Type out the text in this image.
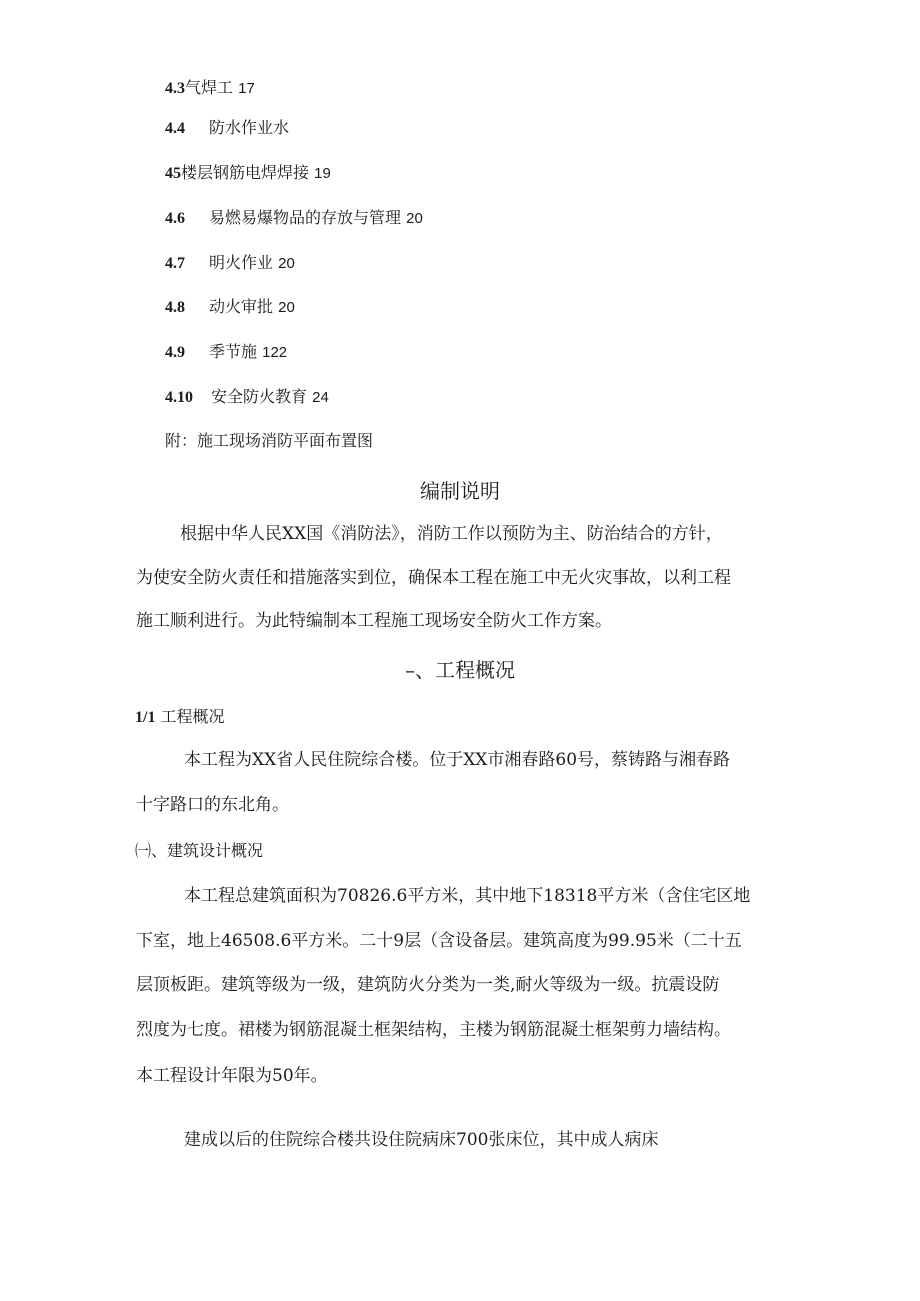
4.3气焊工 17
4.4 防水作业水
45楼层钢筋电焊焊接 19
4.6 易燃易爆物品的存放与管理 20
4.7 明火作业 20
4.8 动火审批 20
4.9 季节施 122
4.10 安全防火教育 24
附：施工现场消防平面布置图
编制说明
根据中华人民XX国《消防法》，消防工作以预防为主、防治结合的方针，
为使安全防火责任和措施落实到位，确保本工程在施工中无火灾事故，以利工程
施工顺利进行。为此特编制本工程施工现场安全防火工作方案。
–、工程概况
1/1 工程概况
本工程为XX省人民住院综合楼。位于XX市湘春路60号，蔡铸路与湘春路
十字路口的东北角。
㈠、建筑设计概况
本工程总建筑面积为70826.6平方米，其中地下18318平方米（含住宅区地
下室，地上46508.6平方米。二十9层（含设备层。建筑高度为99.95米（二十五
层顶板距。建筑等级为一级，建筑防火分类为一类,耐火等级为一级。抗震设防
烈度为七度。裙楼为钢筋混凝土框架结构，主楼为钢筋混凝土框架剪力墙结构。
本工程设计年限为50年。
建成以后的住院综合楼共设住院病床700张床位，其中成人病床
